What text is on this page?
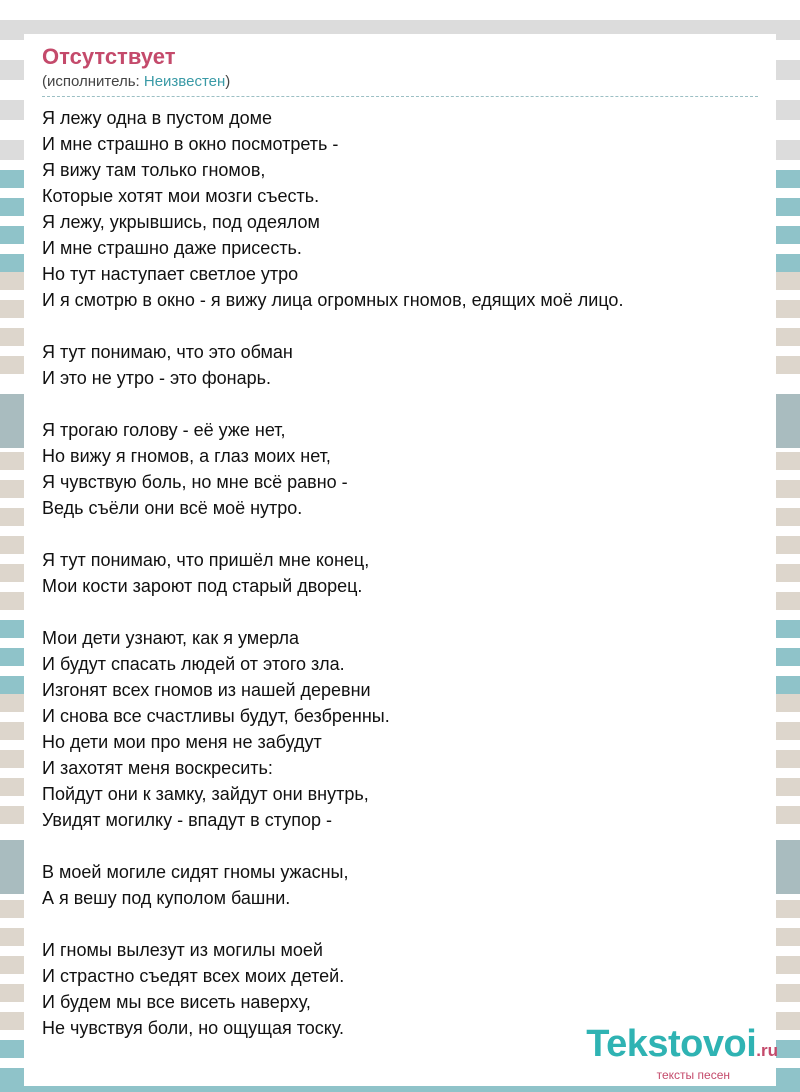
Отсутствует
(исполнитель: Неизвестен)
Я лежу одна в пустом доме
И мне страшно в окно посмотреть -
Я вижу там только гномов,
Которые хотят мои мозги съесть.
Я лежу, укрывшись, под одеялом
И мне страшно даже присесть.
Но тут наступает светлое утро
И я смотрю в окно - я вижу лица огромных гномов, едящих моё лицо.
Я тут понимаю, что это обман
И это не утро - это фонарь.
Я трогаю голову - её уже нет,
Но вижу я гномов, а глаз моих нет,
Я чувствую боль, но мне всё равно -
Ведь съёли они всё моё нутро.
Я тут понимаю, что пришёл мне конец,
Мои кости зароют под старый дворец.
Мои дети узнают, как я умерла
И будут спасать людей от этого зла.
Изгонят всех гномов из нашей деревни
И снова все счастливы будут, безбренны.
Но дети мои про меня не забудут
И захотят меня воскресить:
Пойдут они к замку, зайдут они внутрь,
Увидят могилку - впадут в ступор -
В моей могиле сидят гномы ужасны,
А я вешу под куполом башни.
И гномы вылезут из могилы моей
И страстно съедят всех моих детей.
И будем мы все висеть наверху,
Не чувствуя боли, но ощущая тоску.	Tekstovoi.ru
тексты песен
